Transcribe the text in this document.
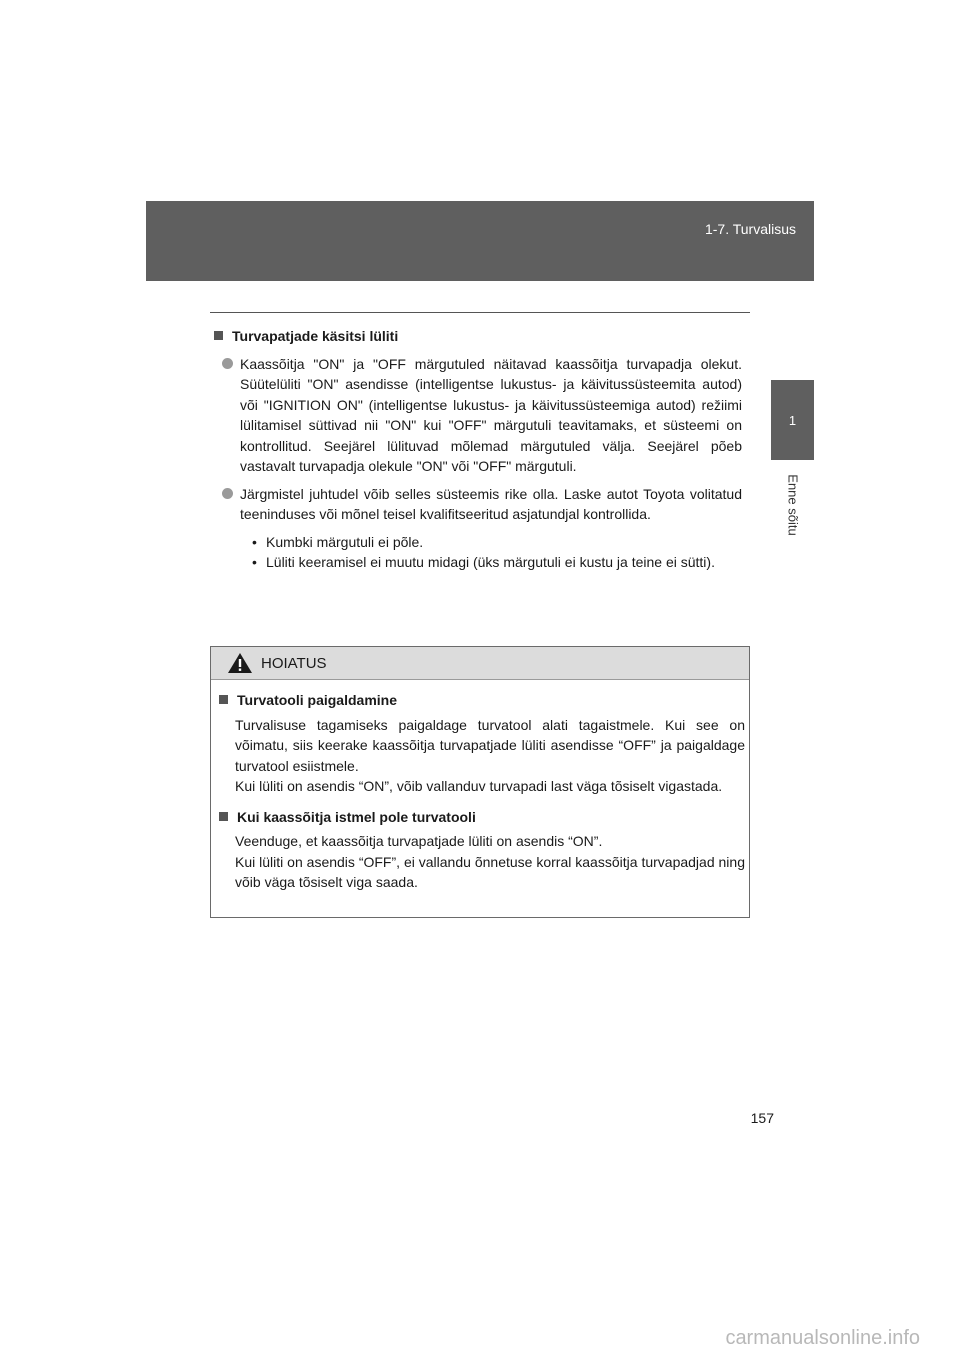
1-7. Turvalisus
1
Enne sõitu
Turvapatjade käsitsi lüliti
Kaassõitja "ON" ja "OFF märgutuled näitavad kaassõitja turvapadja olekut. Süütelüliti "ON" asendisse (intelligentse lukustus- ja käivitussüsteemita autod) või "IGNITION ON" (intelligentse lukustus- ja käivitussüsteemiga autod) režiimi lülitamisel süttivad nii "ON" kui "OFF" märgutuli teavitamaks, et süsteemi on kontrollitud. Seejärel lülituvad mõlemad märgutuled välja. Seejärel põeb vastavalt turvapadja olekule "ON" või "OFF" märgutuli.
Järgmistel juhtudel võib selles süsteemis rike olla. Laske autot Toyota volitatud teeninduses või mõnel teisel kvalifitseeritud asjatundjal kontrollida.
• Kumbki märgutuli ei põle.
• Lüliti keeramisel ei muutu midagi (üks märgutuli ei kustu ja teine ei sütti).
HOIATUS
Turvatooli paigaldamine
Turvalisuse tagamiseks paigaldage turvatool alati tagaistmele. Kui see on võimatu, siis keerake kaassõitja turvapatjade lüliti asendisse “OFF” ja paigaldage turvatool esiistmele.
Kui lüliti on asendis “ON”, võib vallanduv turvapadi last väga tõsiselt vigastada.
Kui kaassõitja istmel pole turvatooli
Veenduge, et kaassõitja turvapatjade lüliti on asendis “ON”.
Kui lüliti on asendis “OFF”, ei vallandu õnnetuse korral kaassõitja turvapadjad ning võib väga tõsiselt viga saada.
157
carmanualsonline.info
